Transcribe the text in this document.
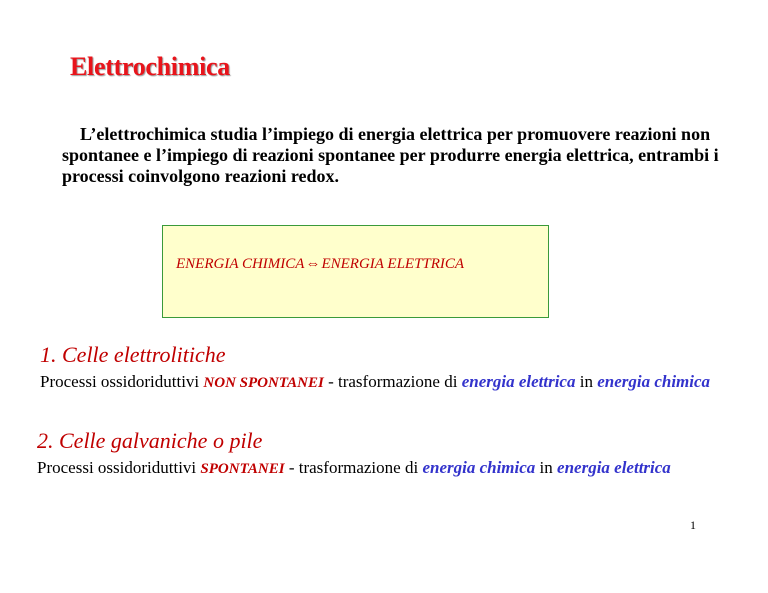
Elettrochimica
L’elettrochimica studia l’impiego di energia elettrica per promuovere reazioni non spontanee e l’impiego di reazioni spontanee per produrre energia elettrica, entrambi i processi coinvolgono reazioni redox.
ENERGIA CHIMICA⇔ENERGIA ELETTRICA
1. Celle elettrolitiche
Processi ossidoriduttivi NON SPONTANEI - trasformazione di energia elettrica in energia chimica
2. Celle galvaniche o pile
Processi ossidoriduttivi SPONTANEI - trasformazione di energia chimica in energia elettrica
1
